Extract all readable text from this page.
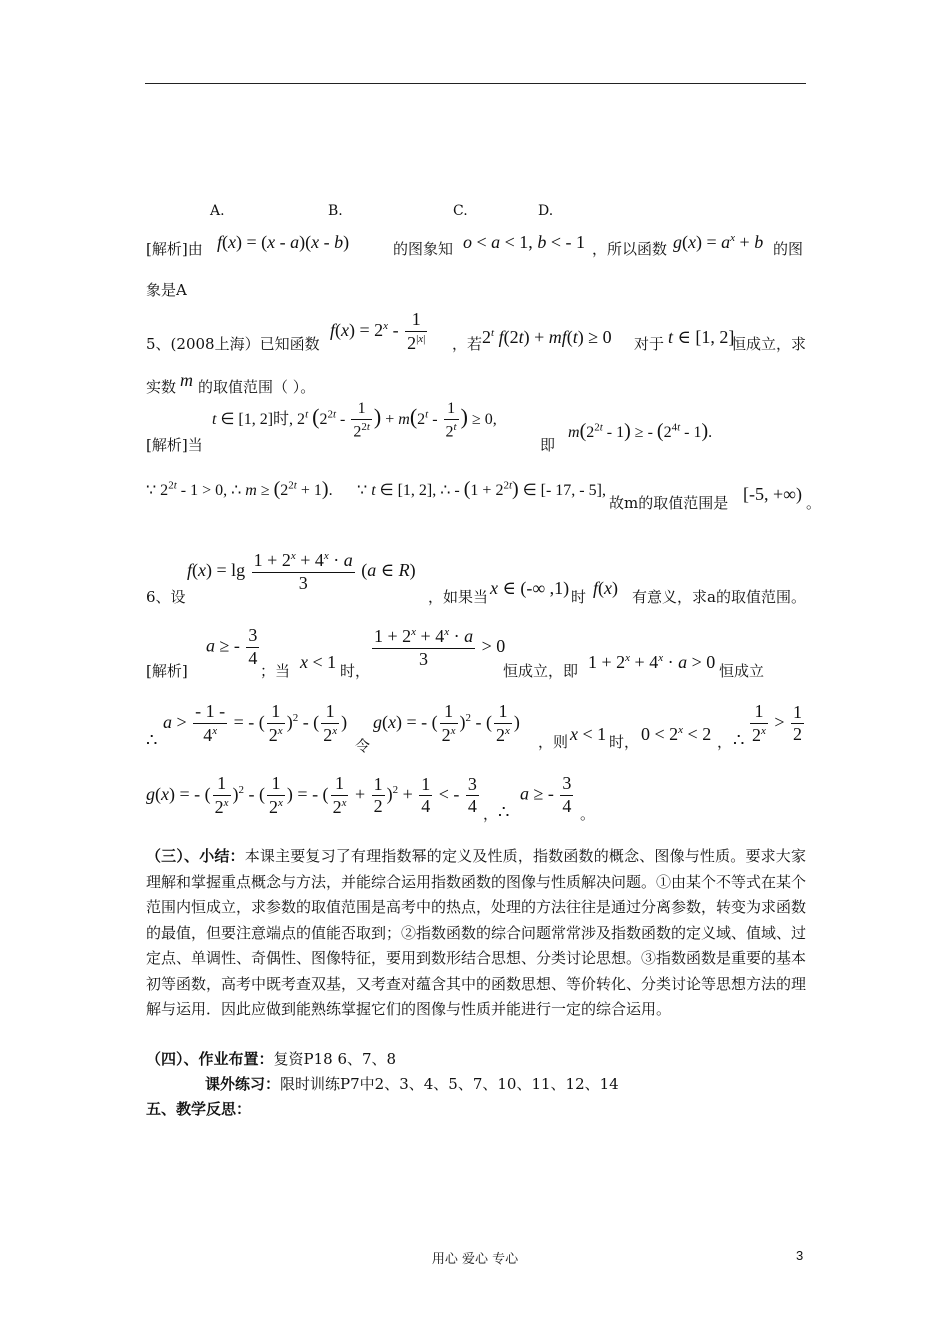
A.	B.	C.	D.
[解析]由 f(x) = (x - a)(x - b)	的图象知 o < a < 1, b < - 1 ，所以函数 $g(x) = a^x + b$ 的图
象是A
5、(2008上海）已知函数
$f(x) = 2^x - \frac{1}{2^{|x|}}$ ，若 2$^t$ f(2t) + mf(t) ≥ 0 对于 t ∈ [1, 2]
恒成立，求
实数 m 的取值范围（ ）。
[解析]当
t ∈ [1, 2]时, 2$^t$ ($2^{2t} - \frac{1}{2^{2t}}$ ) + $m(2^t - \frac{1}{2^t}$ ) ≥ 0,
即
$m(2^{2t} - 1)$ ≥ - $(2^{4t} - 1)$.
∵ $2^{2t} - 1 > 0$, ∴ $m \ge (2^{2t} + 1)$. ∵ t ∈ [1, 2], ∴ - $(1 + 2^{2t})$ ∈ [- 17, - 5],
故m的取值范围是 [-5, +∞) 。
6、设
$f(x) = \lg \frac{1 + 2^x + 4^x \cdot a}{3} (a$ ∈ R)
，如果当 x ∈ (-∞ ,1) 时 f(x) 有意义，求a的取值范围。
[解析]
a ≥ - $\frac{3}{4}$
；当 x < 1 时，
$\frac{1 + 2^x + 4^x \cdot a}{3} > 0$
恒成立，即 $1 + 2^x + 4^x \cdot a > 0$ 恒成立
∴
$a > \frac{- 1 -}{4^x}$ = - ( $\frac{1}{2^x} )^2$ - ( $\frac{1}{2^x}$ )
令
g(x) = - ( $\frac{1}{2^x} )^2$ - ( $\frac{1}{2^x}$ )
，则 x < 1 时， $0 < 2^x < 2$ ， ∴ $\frac{1}{2^x} > \frac{1}{2}$
g(x) = - ( $\frac{1}{2^x} )^2$ - ( $\frac{1}{2^x}$ ) = - ( $\frac{1}{2^x} + \frac{1}{2} )^2 + \frac{1}{4}$ < - $\frac{3}{4}$ ， ∴
a ≥ - $\frac{3}{4}$ 。
（三）、小结：本课主要复习了有理指数幂的定义及性质，指数函数的概念、图像与性质。要求大家理解和掌握重点概念与方法，并能综合运用指数函数的图像与性质解决问题。①由某个不等式在某个范围内恒成立，求参数的取值范围是高考中的热点，处理的方法往往是通过分离参数，转变为求函数的最值，但要注意端点的值能否取到；②指数函数的综合问题常常涉及指数函数的定义域、值域、过定点、单调性、奇偶性、图像特征，要用到数形结合思想、分类讨论思想。③指数函数是重要的基本初等函数，高考中既考查双基，又考查对蕴含其中的函数思想、等价转化、分类讨论等思想方法的理解与运用．因此应做到能熟练掌握它们的图像与性质并能进行一定的综合运用。
（四）、作业布置：复资P18 6、7、8
课外练习：限时训练P7中2、3、4、5、7、10、11、12、14
五、教学反思：
用心 爱心 专心	3
